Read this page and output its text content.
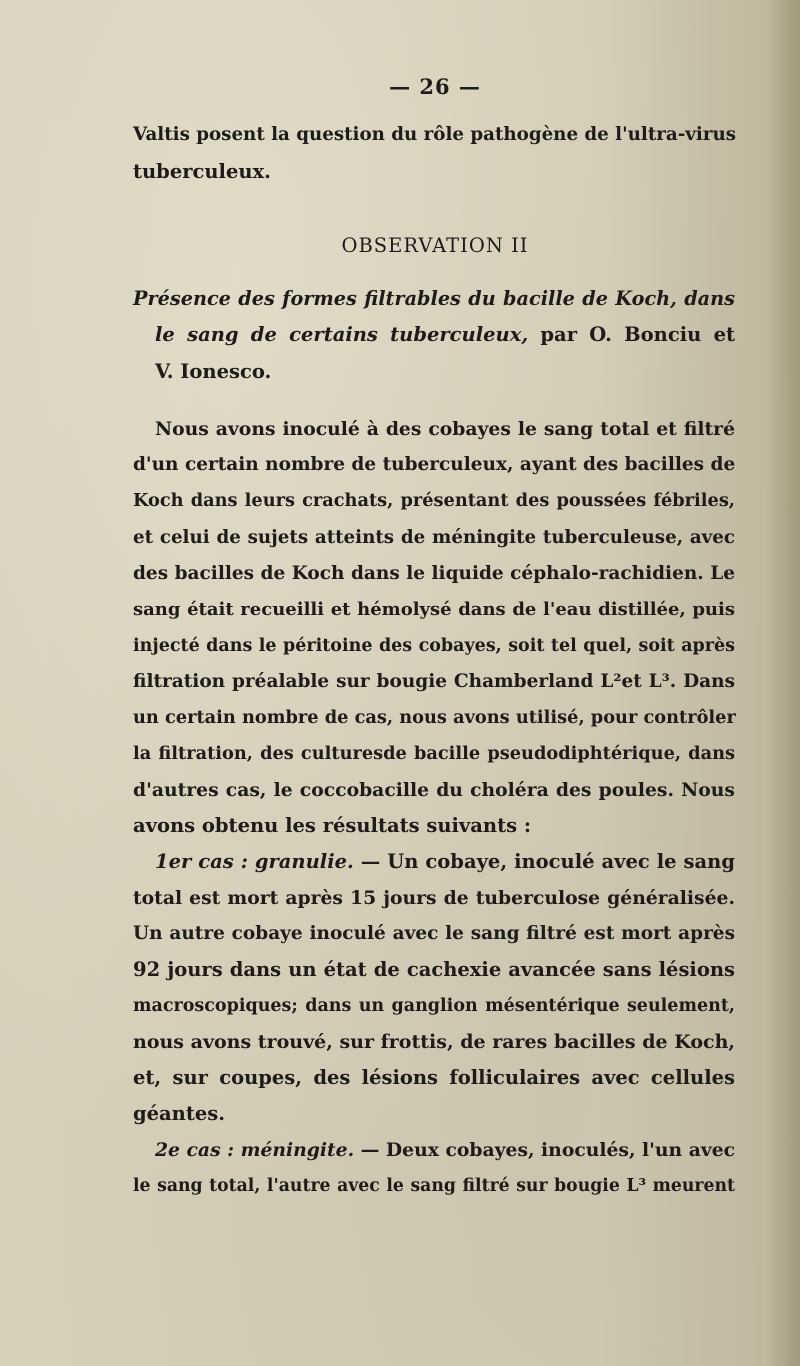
— 26 —
Valtis posent la question du rôle pathogène de l'ultra-virus
tuberculeux.
OBSERVATION II
Présence des formes filtrables du bacille de Koch, dans
le sang de certains tuberculeux, par O. Bonciu et
V. Ionesco.
Nous avons inoculé à des cobayes le sang total et filtré
d'un certain nombre de tuberculeux, ayant des bacilles de
Koch dans leurs crachats, présentant des poussées fébriles,
et celui de sujets atteints de méningite tuberculeuse, avec
des bacilles de Koch dans le liquide céphalo-rachidien. Le
sang était recueilli et hémolysé dans de l'eau distillée, puis
injecté dans le péritoine des cobayes, soit tel quel, soit après
filtration préalable sur bougie Chamberland L²et L³. Dans
un certain nombre de cas, nous avons utilisé, pour contrôler
la filtration, des culturesde bacille pseudodiphtérique, dans
d'autres cas, le coccobacille du choléra des poules. Nous
avons obtenu les résultats suivants :
1er cas : granulie. — Un cobaye, inoculé avec le sang
total est mort après 15 jours de tuberculose généralisée.
Un autre cobaye inoculé avec le sang filtré est mort après
92 jours dans un état de cachexie avancée sans lésions
macroscopiques; dans un ganglion mésentérique seulement,
nous avons trouvé, sur frottis, de rares bacilles de Koch,
et, sur coupes, des lésions folliculaires avec cellules
géantes.
2e cas : méningite. — Deux cobayes, inoculés, l'un avec
le sang total, l'autre avec le sang filtré sur bougie L³ meurent
